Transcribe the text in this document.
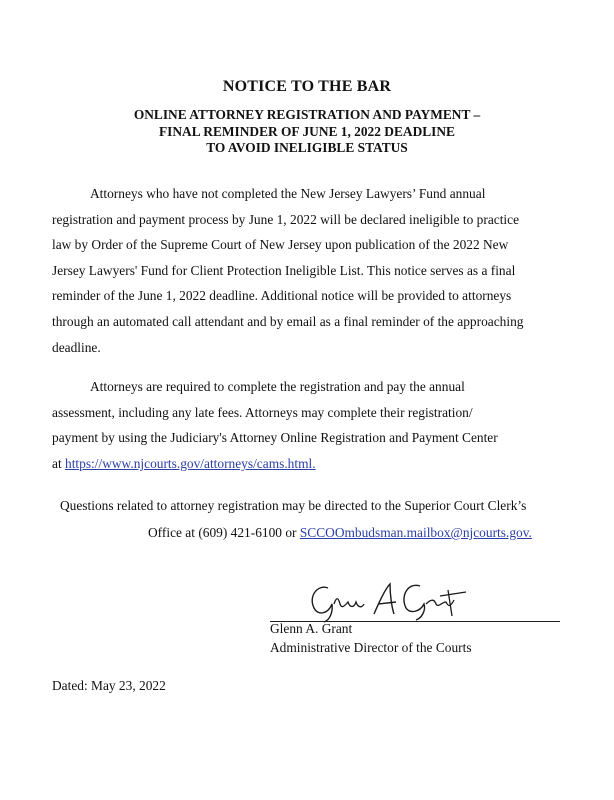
NOTICE TO THE BAR
ONLINE ATTORNEY REGISTRATION AND PAYMENT –
FINAL REMINDER OF JUNE 1, 2022 DEADLINE
TO AVOID INELIGIBLE STATUS
Attorneys who have not completed the New Jersey Lawyers’ Fund annual
registration and payment process by June 1, 2022 will be declared ineligible to practice
law by Order of the Supreme Court of New Jersey upon publication of the 2022 New
Jersey Lawyers' Fund for Client Protection Ineligible List. This notice serves as a final
reminder of the June 1, 2022 deadline. Additional notice will be provided to attorneys
through an automated call attendant and by email as a final reminder of the approaching
deadline.
Attorneys are required to complete the registration and pay the annual
assessment, including any late fees. Attorneys may complete their registration/
payment by using the Judiciary's Attorney Online Registration and Payment Center
at https://www.njcourts.gov/attorneys/cams.html.
Questions related to attorney registration may be directed to the Superior Court Clerk’s
Office at (609) 421-6100 or SCCOOmbudsman.mailbox@njcourts.gov.
Glenn A. Grant
Administrative Director of the Courts
Dated: May 23, 2022
